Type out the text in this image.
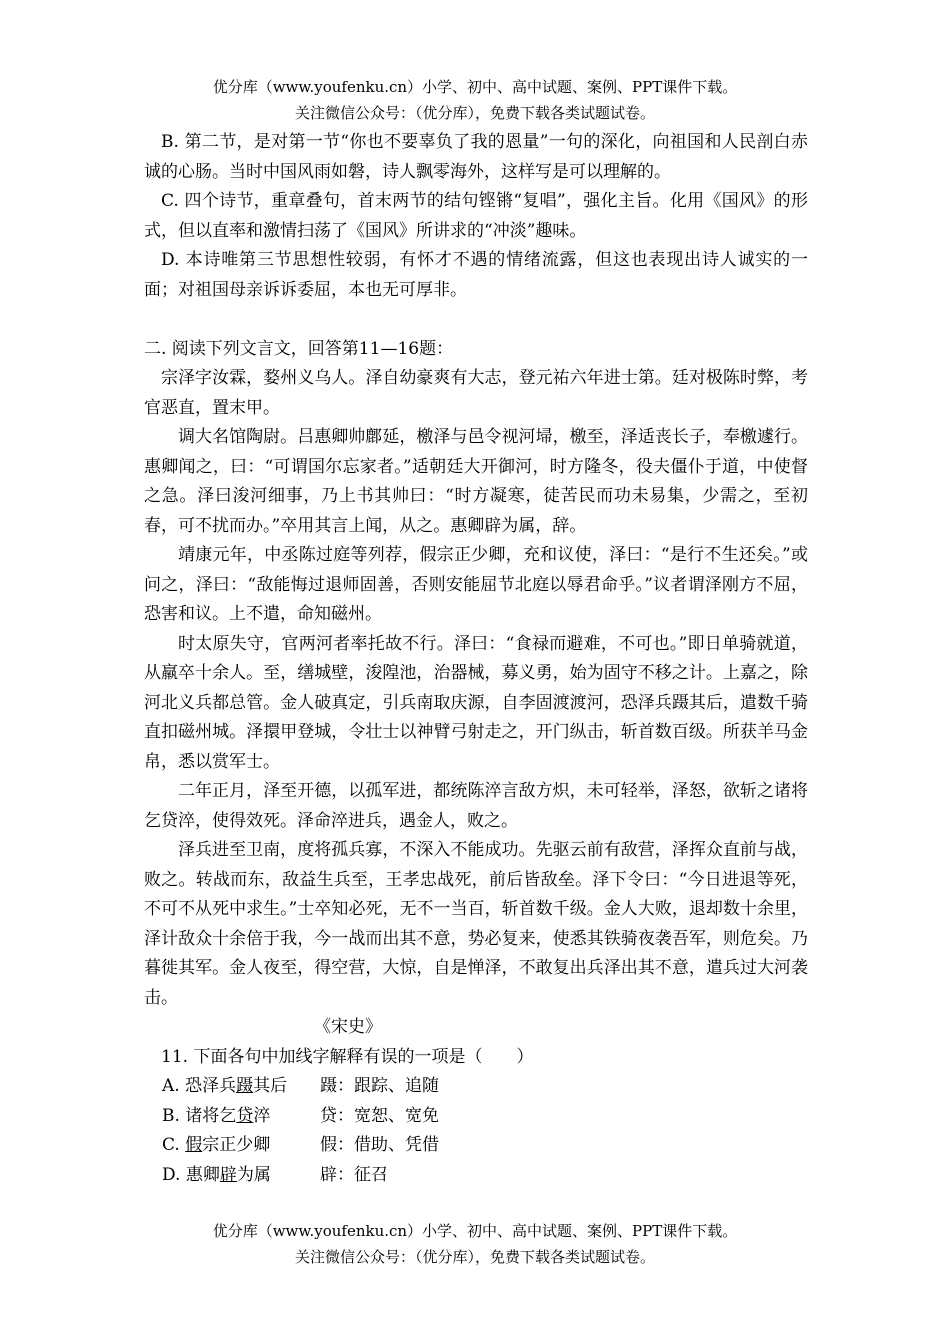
优分库（www.youfenku.cn）小学、初中、高中试题、案例、PPT课件下载。
关注微信公众号：（优分库），免费下载各类试题试卷。

B. 第二节，是对第一节“你也不要辜负了我的恩量”一句的深化，向祖国和人民剖白赤诚的心肠。当时中国风雨如磐，诗人飘零海外，这样写是可以理解的。

C. 四个诗节，重章叠句，首末两节的结句铿锵“复唱”，强化主旨。化用《国风》的形式，但以直率和激情扫荡了《国风》所讲求的“冲淡”趣味。

D. 本诗唯第三节思想性较弱，有怀才不遇的情绪流露，但这也表现出诗人诚实的一面；对祖国母亲诉诉委屈，本也无可厚非。

二. 阅读下列文言文，回答第11—16题：

宗泽字汝霖，婺州义乌人。泽自幼豪爽有大志，登元祐六年进士第。廷对极陈时弊，考官恶直，置末甲。

调大名馆陶尉。吕惠卿帅鄜延，檄泽与邑令视河埽，檄至，泽适丧长子，奉檄遽行。惠卿闻之，曰：“可谓国尔忘家者。”适朝廷大开御河，时方隆冬，役夫僵仆于道，中使督之急。泽曰浚河细事，乃上书其帅曰：“时方凝寒，徒苦民而功未易集，少需之，至初春，可不扰而办。”卒用其言上闻，从之。惠卿辟为属，辞。

靖康元年，中丞陈过庭等列荐，假宗正少卿，充和议使，泽曰：“是行不生还矣。”或问之，泽曰：“敌能悔过退师固善，否则安能屈节北庭以辱君命乎。”议者谓泽刚方不屈，恐害和议。上不遣，命知磁州。

时太原失守，官两河者率托故不行。泽曰：“食禄而避难，不可也。”即日单骑就道，从羸卒十余人。至，缮城壁，浚隍池，治器械，募义勇，始为固守不移之计。上嘉之，除河北义兵都总管。金人破真定，引兵南取庆源，自李固渡渡河，恐泽兵蹑其后，遣数千骑直扣磁州城。泽擐甲登城，令壮士以神臂弓射走之，开门纵击，斩首数百级。所获羊马金帛，悉以赏军士。

二年正月，泽至开德，以孤军进，都统陈淬言敌方炽，未可轻举，泽怒，欲斩之诸将乞贷淬，使得效死。泽命淬进兵，遇金人，败之。

泽兵进至卫南，度将孤兵寡，不深入不能成功。先驱云前有敌营，泽挥众直前与战，败之。转战而东，敌益生兵至，王孝忠战死，前后皆敌垒。泽下令曰：“今日进退等死，不可不从死中求生。”士卒知必死，无不一当百，斩首数千级。金人大败，退却数十余里，泽计敌众十余倍于我，今一战而出其不意，势必复来，使悉其铁骑夜袭吾军，则危矣。乃暮徙其军。金人夜至，得空营，大惊，自是惮泽，不敢复出兵泽出其不意，遣兵过大河袭击。

《宋史》

11. 下面各句中加线字解释有误的一项是（　　）

A. 恐泽兵蹑其后 蹑：跟踪、追随

B. 诸将乞贷淬	贷：宽恕、宽免

C. 假宗正少卿	假：借助、凭借

D. 惠卿辟为属	辟：征召

优分库（www.youfenku.cn）小学、初中、高中试题、案例、PPT课件下载。
关注微信公众号：（优分库），免费下载各类试题试卷。
